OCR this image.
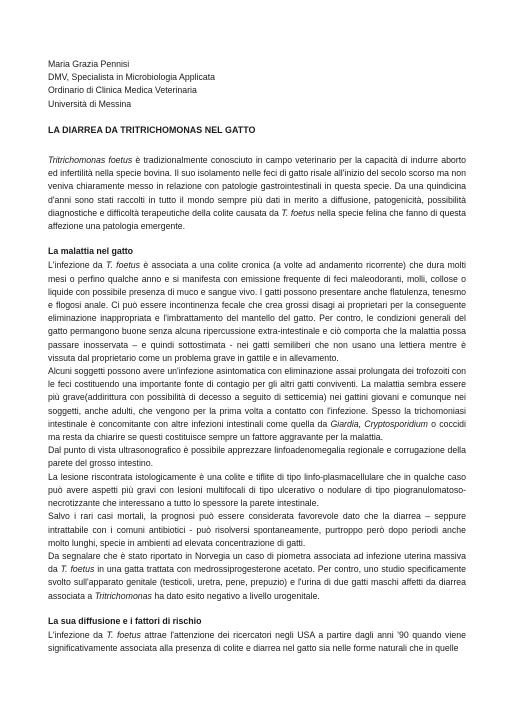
Maria Grazia Pennisi
DMV, Specialista in Microbiologia Applicata
Ordinario di Clinica Medica Veterinaria
Università di Messina
LA DIARREA DA TRITRICHOMONAS NEL GATTO

Tritrichomonas foetus è tradizionalmente conosciuto in campo veterinario per la capacità di indurre aborto ed infertilità nella specie bovina. Il suo isolamento nelle feci di gatto risale all'inizio del secolo scorso ma non veniva chiaramente messo in relazione con patologie gastrointestinali in questa specie. Da una quindicina d'anni sono stati raccolti in tutto il mondo sempre più dati in merito a diffusione, patogenicità, possibilità diagnostiche e difficoltà terapeutiche della colite causata da T. foetus nella specie felina che fanno di questa affezione una patologia emergente.

La malattia nel gatto

L'infezione da T. foetus è associata a una colite cronica (a volte ad andamento ricorrente) che dura molti mesi o perfino qualche anno e si manifesta con emissione frequente di feci maleodoranti, molli, collose o liquide con possibile presenza di muco e sangue vivo. I gatti possono presentare anche flatulenza, tenesmo e flogosi anale. Ci può essere incontinenza fecale che crea grossi disagi ai proprietari per la conseguente eliminazione inappropriata e l'imbrattamento del mantello del gatto. Per contro, le condizioni generali del gatto permangono buone senza alcuna ripercussione extra-intestinale e ciò comporta che la malattia possa passare inosservata – e quindi sottostimata - nei gatti semiliberi che non usano una lettiera mentre è vissuta dal proprietario come un problema grave in gattile e in allevamento.

Alcuni soggetti possono avere un'infezione asintomatica con eliminazione assai prolungata dei trofozoiti con le feci costituendo una importante fonte di contagio per gli altri gatti conviventi. La malattia sembra essere più grave(addirittura con possibilità di decesso a seguito di setticemia) nei gattini giovani e comunque nei soggetti, anche adulti, che vengono per la prima volta a contatto con l'infezione. Spesso la trichomoniasi intestinale è concomitante con altre infezioni intestinali come quella da Giardia, Cryptosporidium o coccidi ma resta da chiarire se questi costituisce sempre un fattore aggravante per la malattia.

Dal punto di vista ultrasonografico è possibile apprezzare linfoadenomegalia regionale e corrugazione della parete del grosso intestino.

La lesione riscontrata istologicamente è una colite e tiflite di tipo linfo-plasmacellulare che in qualche caso può avere aspetti più gravi con lesioni multifocali di tipo ulcerativo o nodulare di tipo piogranulomatoso-necrotizzante che interessano a tutto lo spessore la parete intestinale.

Salvo i rari casi mortali, la prognosi può essere considerata favorevole dato che la diarrea – seppure intrattabile con i comuni antibiotici - può risolversi spontaneamente, purtroppo però dopo periodi anche molto lunghi, specie in ambienti ad elevata concentrazione di gatti.

Da segnalare che è stato riportato in Norvegia un caso di piometra associata ad infezione uterina massiva da T. foetus in una gatta trattata con medrossiprogesterone acetato. Per contro, uno studio specificamente svolto sull'apparato genitale (testicoli, uretra, pene, prepuzio) e l'urina di due gatti maschi affetti da diarrea associata a Tritrichomonas ha dato esito negativo a livello urogenitale.

La sua diffusione e i fattori di rischio

L'infezione da T. foetus attrae l'attenzione dei ricercatori negli USA a partire dagli anni '90 quando viene significativamente associata alla presenza di colite e diarrea nel gatto sia nelle forme naturali che in quelle
